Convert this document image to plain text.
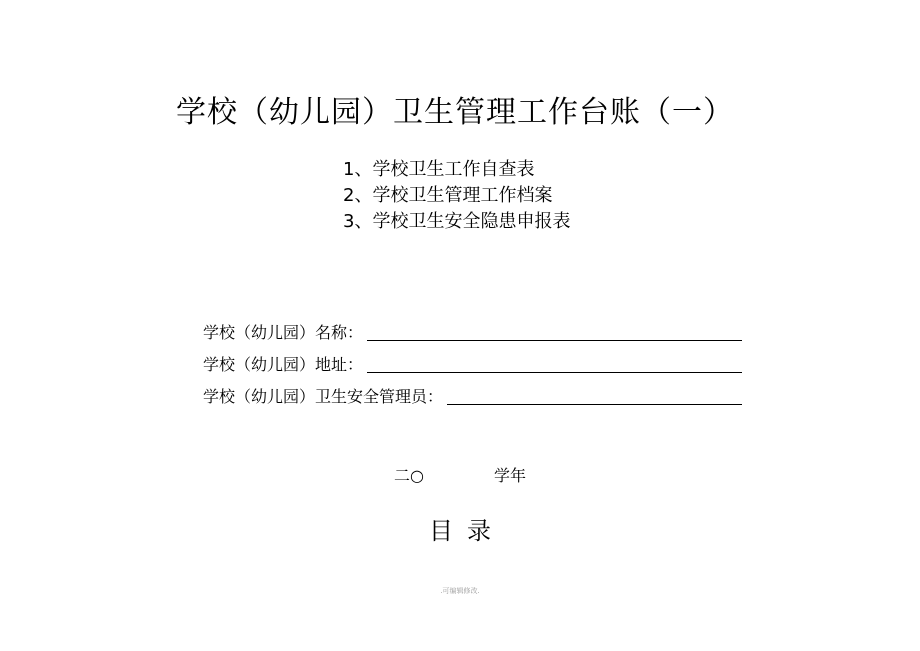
学校（幼儿园）卫生管理工作台账（一）
1、学校卫生工作自查表
2、学校卫生管理工作档案
3、学校卫生安全隐患申报表
学校（幼儿园）名称：
学校（幼儿园）地址：
学校（幼儿园）卫生安全管理员：
二○	学年
目录
.可编辑修改.
